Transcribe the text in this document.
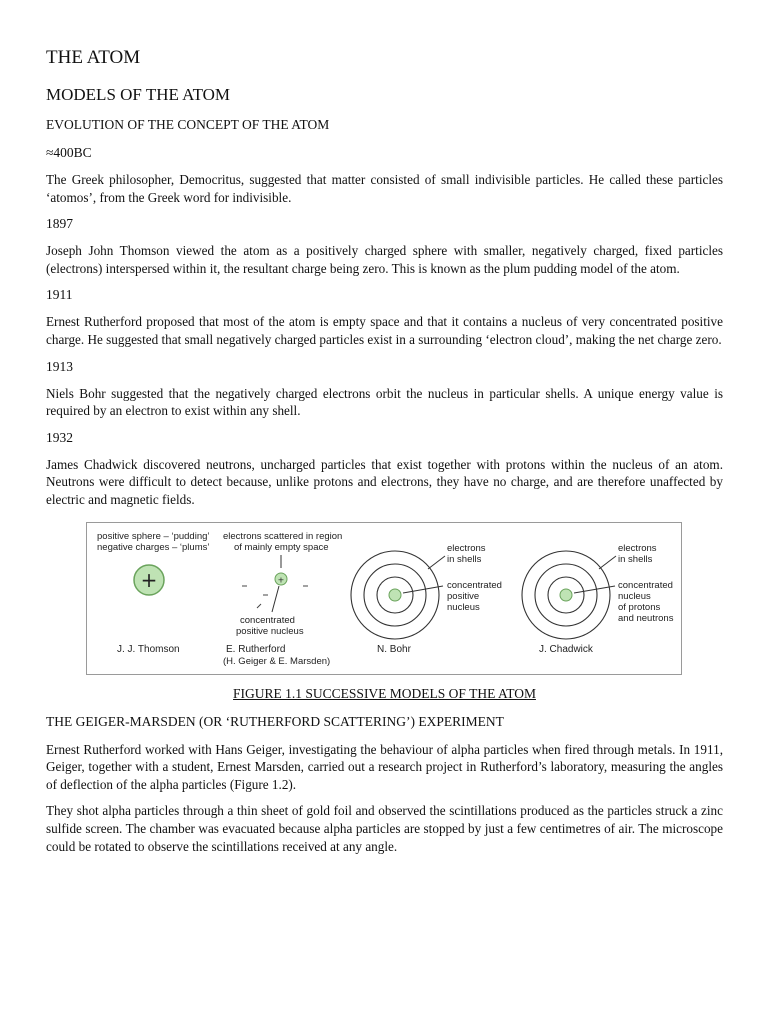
THE ATOM
MODELS OF THE ATOM
EVOLUTION OF THE CONCEPT OF THE ATOM
≈400BC

The Greek philosopher, Democritus, suggested that matter consisted of small indivisible particles. He called these particles ‘atomos’, from the Greek word for indivisible.

1897

Joseph John Thomson viewed the atom as a positively charged sphere with smaller, negatively charged, fixed particles (electrons) interspersed within it, the resultant charge being zero. This is known as the plum pudding model of the atom.

1911

Ernest Rutherford proposed that most of the atom is empty space and that it contains a nucleus of very concentrated positive charge. He suggested that small negatively charged particles exist in a surrounding ‘electron cloud’, making the net charge zero.

1913

Niels Bohr suggested that the negatively charged electrons orbit the nucleus in particular shells. A unique energy value is required by an electron to exist within any shell.

1932

James Chadwick discovered neutrons, uncharged particles that exist together with protons within the nucleus of an atom. Neutrons were difficult to detect because, unlike protons and electrons, they have no charge, and are therefore unaffected by electric and magnetic fields.

positive sphere – ‘pudding’
negative charges – ‘plums’
+
J. J. Thomson
electrons scattered in region
of mainly empty space
+
concentrated
positive nucleus
E. Rutherford
(H. Geiger & E. Marsden)
electrons
in shells
concentrated
positive
nucleus
N. Bohr
electrons
in shells
concentrated
nucleus
of protons
and neutrons
J. Chadwick
FIGURE 1.1 SUCCESSIVE MODELS OF THE ATOM
THE GEIGER-MARSDEN (OR ‘RUTHERFORD SCATTERING’) EXPERIMENT

Ernest Rutherford worked with Hans Geiger, investigating the behaviour of alpha particles when fired through metals. In 1911, Geiger, together with a student, Ernest Marsden, carried out a research project in Rutherford’s laboratory, measuring the angles of deflection of the alpha particles (Figure 1.2).

They shot alpha particles through a thin sheet of gold foil and observed the scintillations produced as the particles struck a zinc sulfide screen. The chamber was evacuated because alpha particles are stopped by just a few centimetres of air. The microscope could be rotated to observe the scintillations received at any angle.
